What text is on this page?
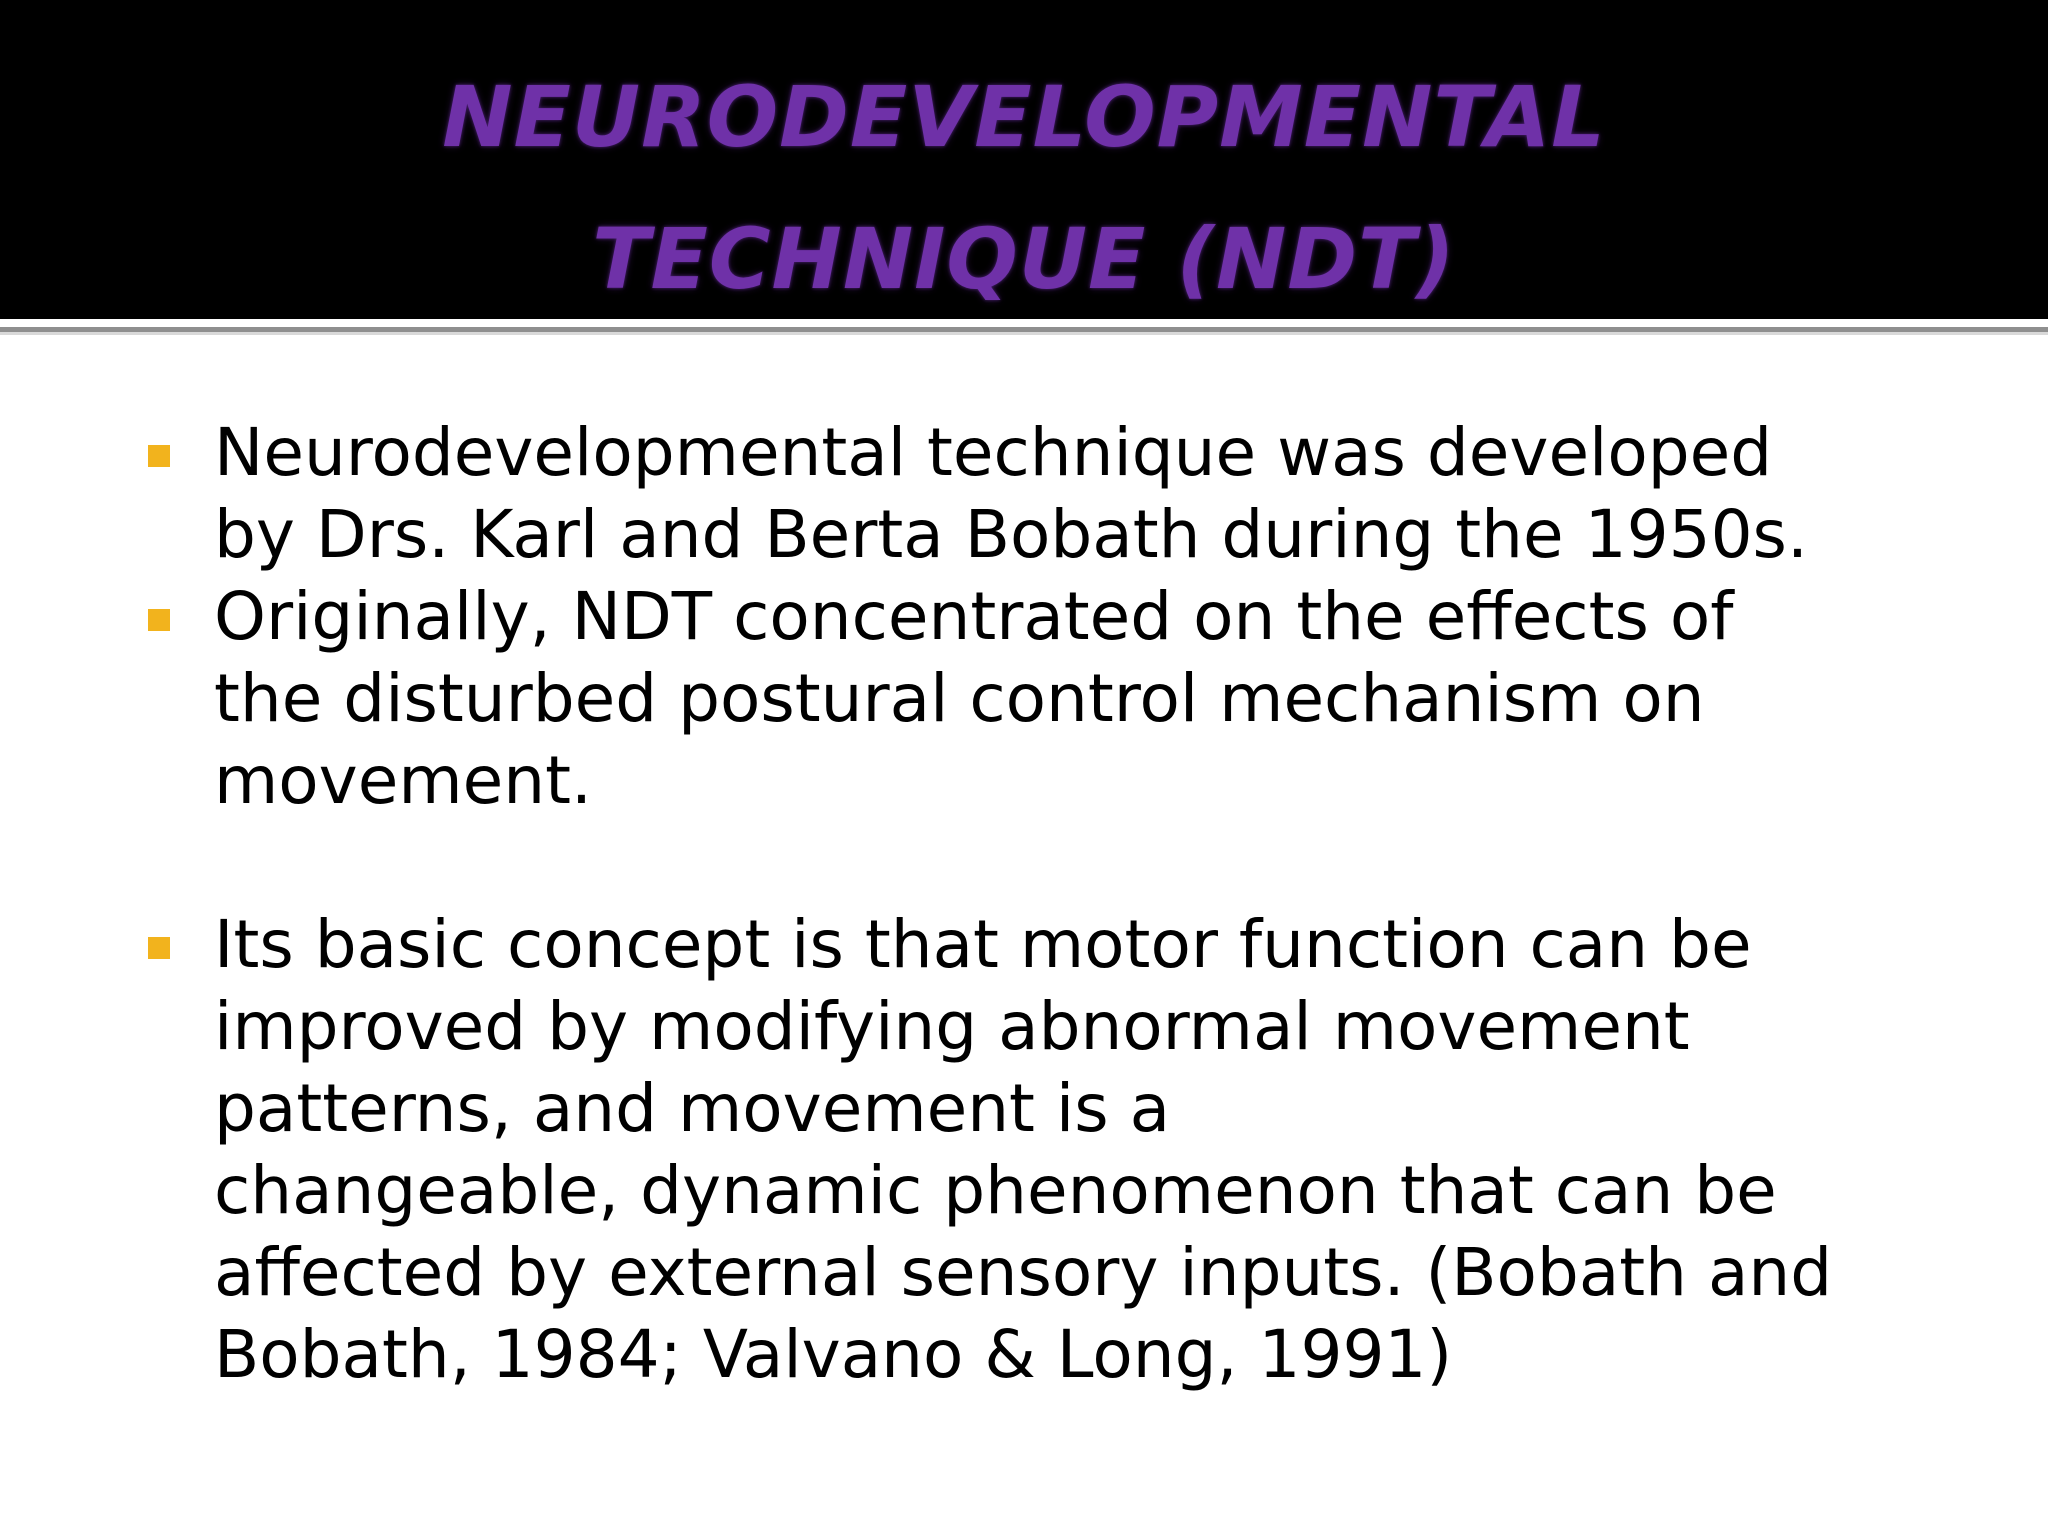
NEURODEVELOPMENTAL
TECHNIQUE (NDT)
Neurodevelopmental technique was developed
by Drs. Karl and Berta Bobath during the 1950s.
Originally, NDT concentrated on the effects of
the disturbed postural control mechanism on
movement.
Its basic concept is that motor function can be
improved by modifying abnormal movement
patterns, and movement is a
changeable, dynamic phenomenon that can be
affected by external sensory inputs. (Bobath and
Bobath, 1984; Valvano & Long, 1991)
